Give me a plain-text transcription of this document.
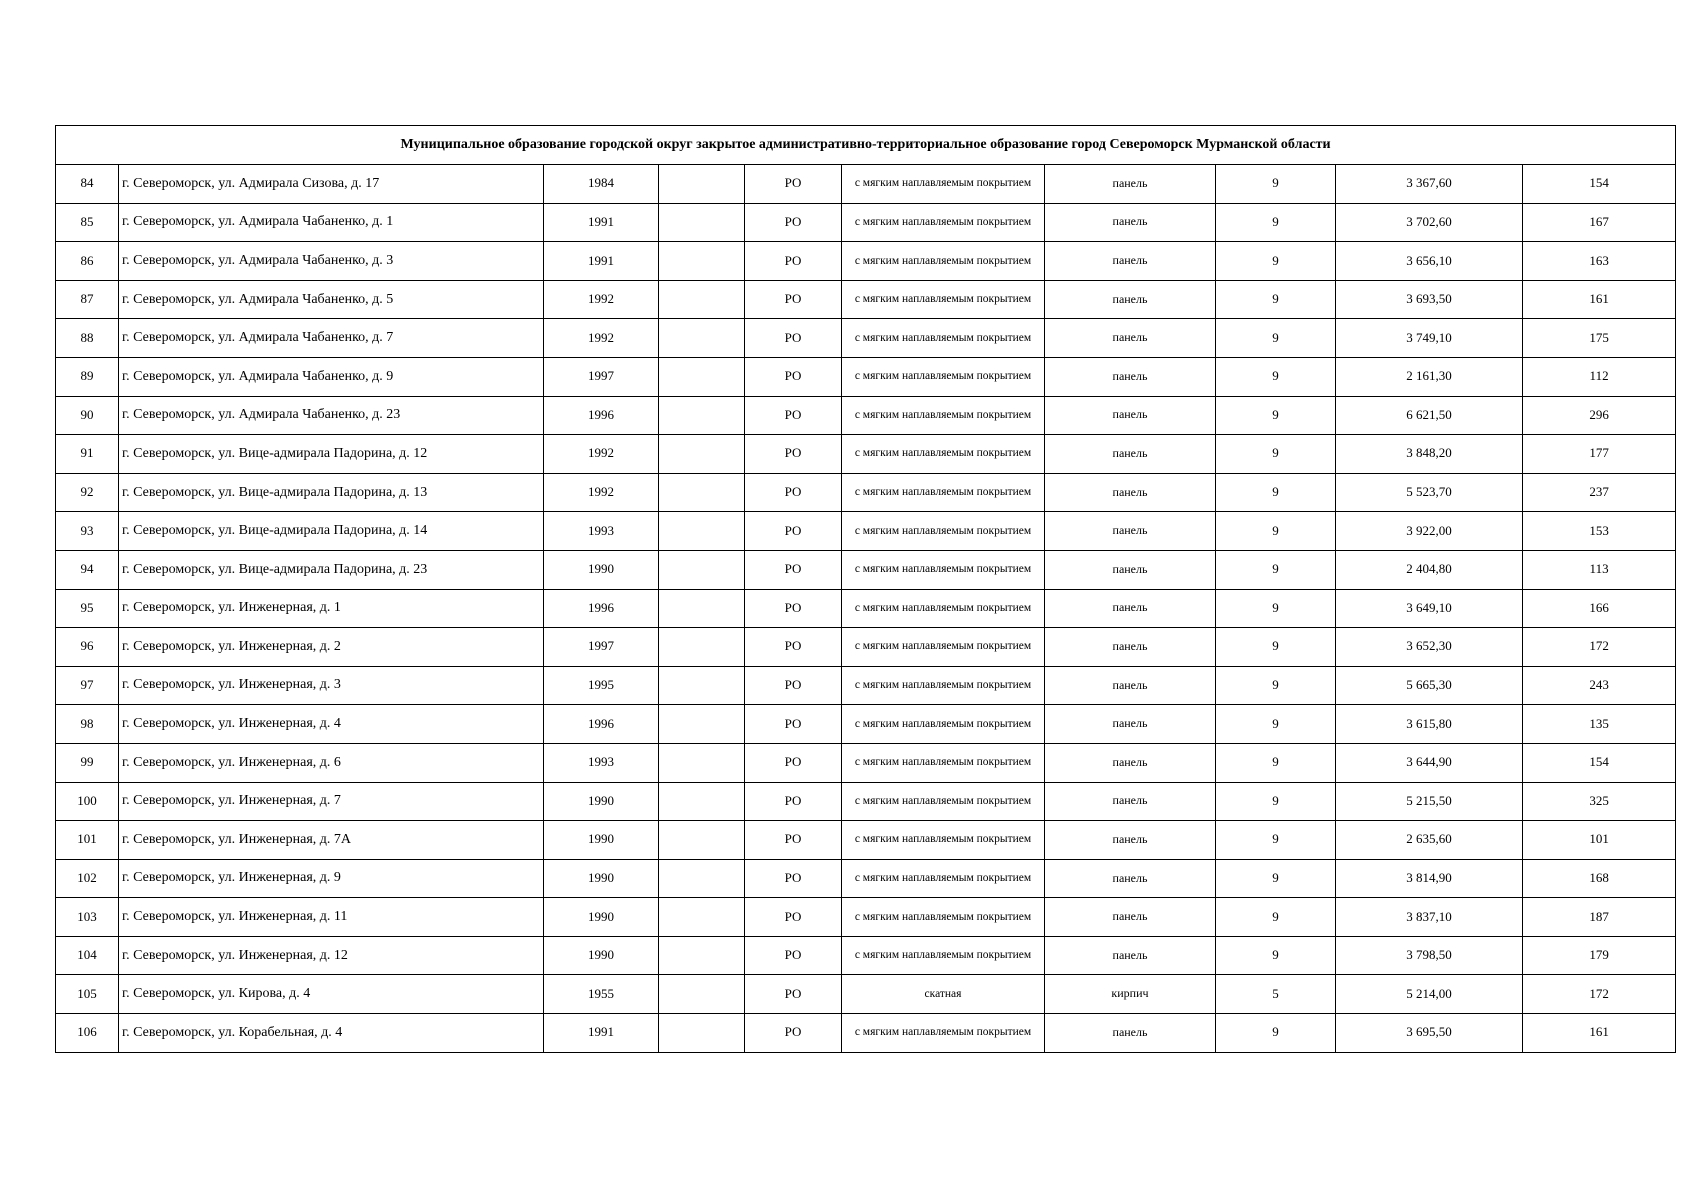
Муниципальное образование городской округ закрытое административно-территориальное образование город Североморск Мурманской области									
84	г. Североморск, ул. Адмирала Сизова, д. 17	1984		РО	с мягким наплавляемым покрытием	панель	9	3 367,60	154
85	г. Североморск, ул. Адмирала Чабаненко, д. 1	1991		РО	с мягким наплавляемым покрытием	панель	9	3 702,60	167
86	г. Североморск, ул. Адмирала Чабаненко, д. 3	1991		РО	с мягким наплавляемым покрытием	панель	9	3 656,10	163
87	г. Североморск, ул. Адмирала Чабаненко, д. 5	1992		РО	с мягким наплавляемым покрытием	панель	9	3 693,50	161
88	г. Североморск, ул. Адмирала Чабаненко, д. 7	1992		РО	с мягким наплавляемым покрытием	панель	9	3 749,10	175
89	г. Североморск, ул. Адмирала Чабаненко, д. 9	1997		РО	с мягким наплавляемым покрытием	панель	9	2 161,30	112
90	г. Североморск, ул. Адмирала Чабаненко, д. 23	1996		РО	с мягким наплавляемым покрытием	панель	9	6 621,50	296
91	г. Североморск, ул. Вице-адмирала Падорина, д. 12	1992		РО	с мягким наплавляемым покрытием	панель	9	3 848,20	177
92	г. Североморск, ул. Вице-адмирала Падорина, д. 13	1992		РО	с мягким наплавляемым покрытием	панель	9	5 523,70	237
93	г. Североморск, ул. Вице-адмирала Падорина, д. 14	1993		РО	с мягким наплавляемым покрытием	панель	9	3 922,00	153
94	г. Североморск, ул. Вице-адмирала Падорина, д. 23	1990		РО	с мягким наплавляемым покрытием	панель	9	2 404,80	113
95	г. Североморск, ул. Инженерная, д. 1	1996		РО	с мягким наплавляемым покрытием	панель	9	3 649,10	166
96	г. Североморск, ул. Инженерная, д. 2	1997		РО	с мягким наплавляемым покрытием	панель	9	3 652,30	172
97	г. Североморск, ул. Инженерная, д. 3	1995		РО	с мягким наплавляемым покрытием	панель	9	5 665,30	243
98	г. Североморск, ул. Инженерная, д. 4	1996		РО	с мягким наплавляемым покрытием	панель	9	3 615,80	135
99	г. Североморск, ул. Инженерная, д. 6	1993		РО	с мягким наплавляемым покрытием	панель	9	3 644,90	154
100	г. Североморск, ул. Инженерная, д. 7	1990		РО	с мягким наплавляемым покрытием	панель	9	5 215,50	325
101	г. Североморск, ул. Инженерная, д. 7А	1990		РО	с мягким наплавляемым покрытием	панель	9	2 635,60	101
102	г. Североморск, ул. Инженерная, д. 9	1990		РО	с мягким наплавляемым покрытием	панель	9	3 814,90	168
103	г. Североморск, ул. Инженерная, д. 11	1990		РО	с мягким наплавляемым покрытием	панель	9	3 837,10	187
104	г. Североморск, ул. Инженерная, д. 12	1990		РО	с мягким наплавляемым покрытием	панель	9	3 798,50	179
105	г. Североморск, ул. Кирова, д. 4	1955		РО	скатная	кирпич	5	5 214,00	172
106	г. Североморск, ул. Корабельная, д. 4	1991		РО	с мягким наплавляемым покрытием	панель	9	3 695,50	161
